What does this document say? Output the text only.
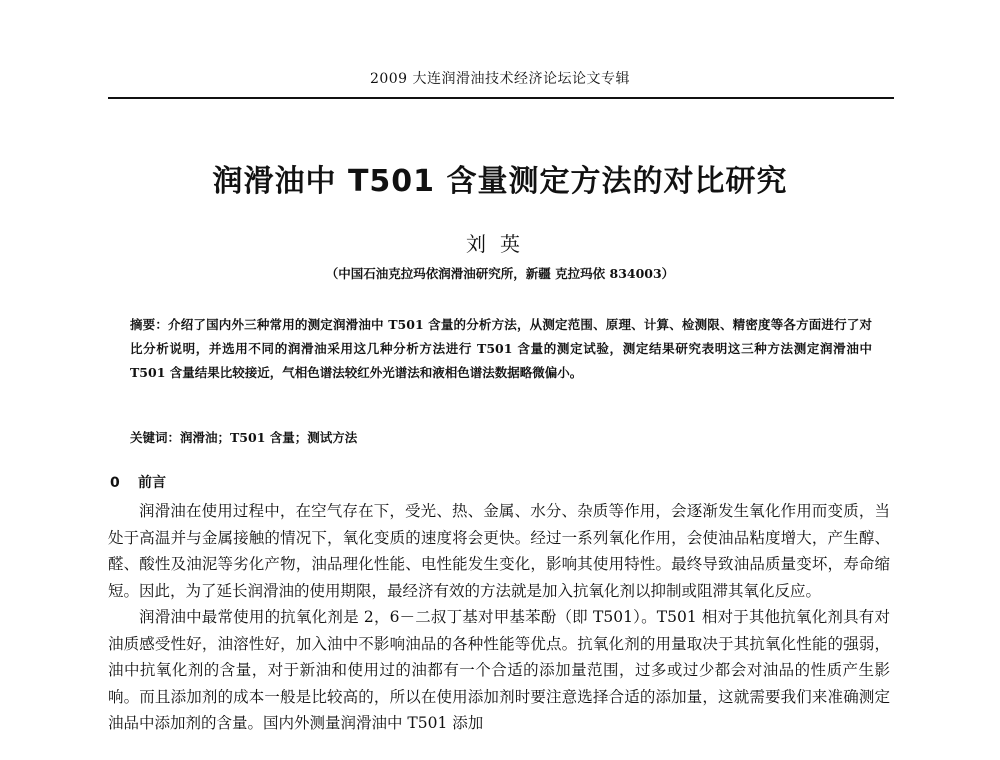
2009 大连润滑油技术经济论坛论文专辑
润滑油中 T501 含量测定方法的对比研究
刘英
（中国石油克拉玛依润滑油研究所，新疆 克拉玛依 834003）
摘要：介绍了国内外三种常用的测定润滑油中 T501 含量的分析方法，从测定范围、原理、计算、检测限、精密度等各方面进行了对比分析说明，并选用不同的润滑油采用这几种分析方法进行 T501 含量的测定试验，测定结果研究表明这三种方法测定润滑油中 T501 含量结果比较接近，气相色谱法较红外光谱法和液相色谱法数据略微偏小。
关键词：润滑油；T501 含量；测试方法
0 前言

润滑油在使用过程中，在空气存在下，受光、热、金属、水分、杂质等作用，会逐渐发生氧化作用而变质，当处于高温并与金属接触的情况下，氧化变质的速度将会更快。经过一系列氧化作用，会使油品粘度增大，产生醇、醛、酸性及油泥等劣化产物，油品理化性能、电性能发生变化，影响其使用特性。最终导致油品质量变坏，寿命缩短。因此，为了延长润滑油的使用期限，最经济有效的方法就是加入抗氧化剂以抑制或阻滞其氧化反应。

润滑油中最常使用的抗氧化剂是 2，6－二叔丁基对甲基苯酚（即 T501）。T501 相对于其他抗氧化剂具有对油质感受性好，油溶性好，加入油中不影响油品的各种性能等优点。抗氧化剂的用量取决于其抗氧化性能的强弱，油中抗氧化剂的含量，对于新油和使用过的油都有一个合适的添加量范围，过多或过少都会对油品的性质产生影响。而且添加剂的成本一般是比较高的，所以在使用添加剂时要注意选择合适的添加量，这就需要我们来准确测定油品中添加剂的含量。国内外测量润滑油中 T501 添加
